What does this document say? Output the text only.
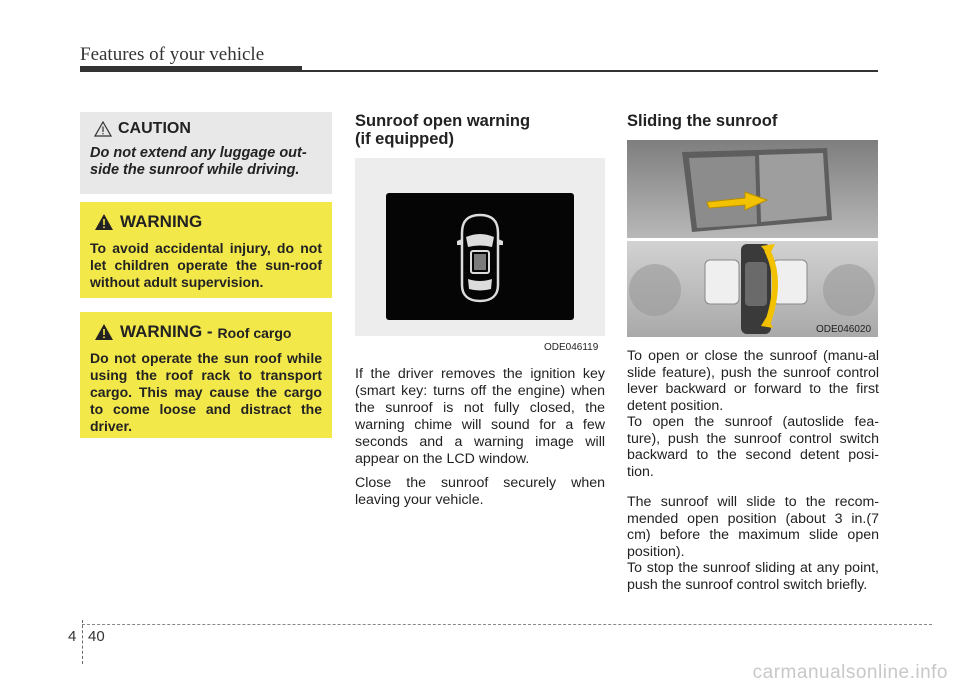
Features of your vehicle
CAUTION
Do not extend any luggage out-side the sunroof while driving.
WARNING
To avoid accidental injury, do not let children operate the sun-roof without adult supervision.
WARNING - Roof cargo
Do not operate the sun roof while using the roof rack to transport cargo. This may cause the cargo to come loose and distract the driver.
Sunroof open warning
(if equipped)
ODE046119

If the driver removes the ignition key (smart key: turns off the engine) when the sunroof is not fully closed, the warning chime will sound for a few seconds and a warning image will appear on the LCD window.

Close the sunroof securely when leaving your vehicle.

Sliding the sunroof
ODE046020

To open or close the sunroof (manu-al slide feature), push the sunroof control lever backward or forward to the first detent position.

To open the sunroof (autoslide fea-ture), push the sunroof control switch backward to the second detent posi-tion.

The sunroof will slide to the recom-mended open position (about 3 in.(7 cm) before the maximum slide open position).

To stop the sunroof sliding at any point, push the sunroof control switch briefly.

4 40
carmanualsonline.info
